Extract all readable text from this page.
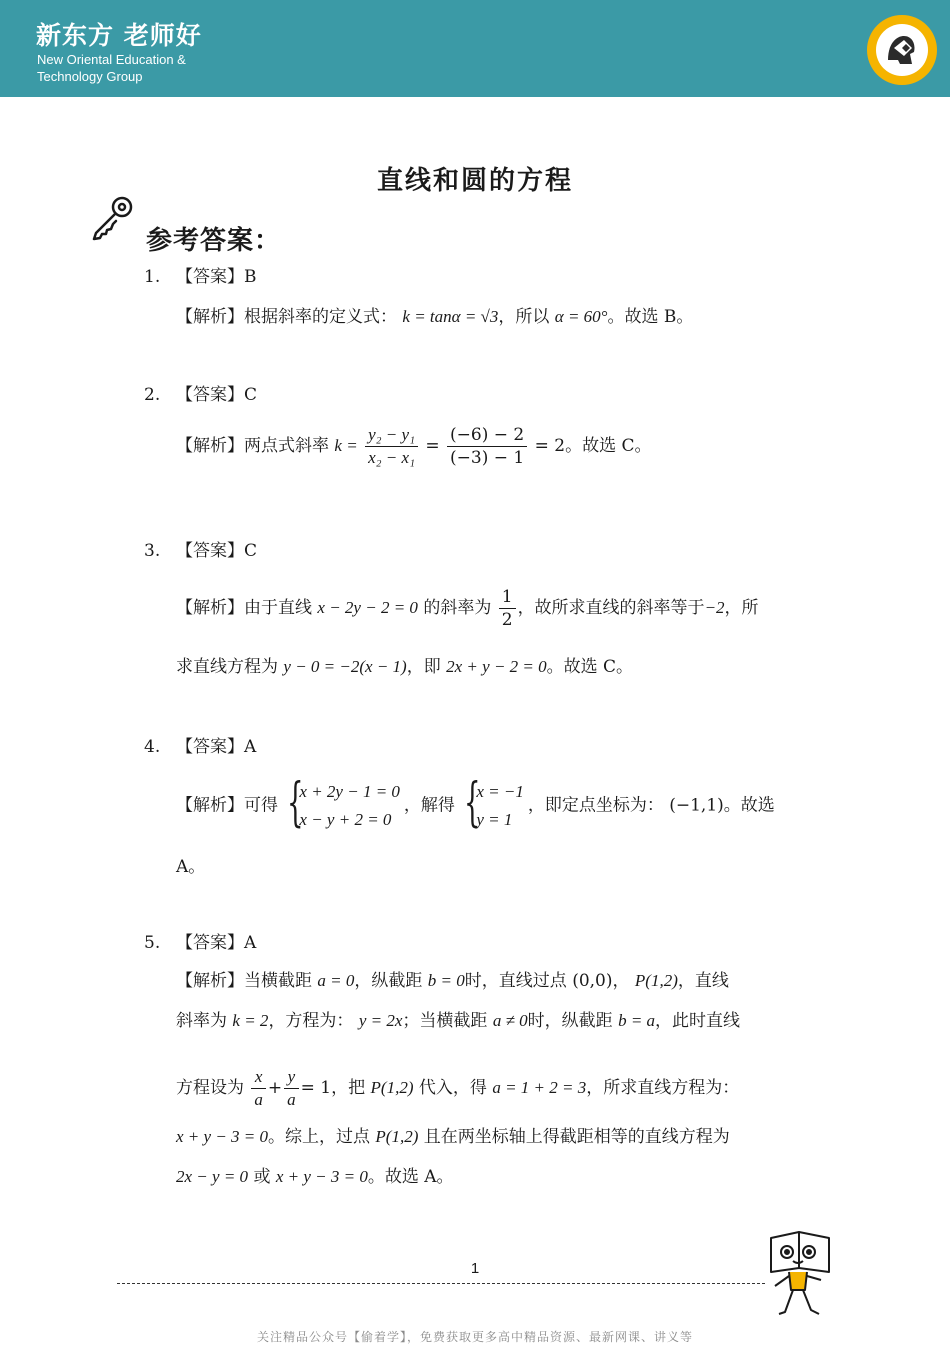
新东方 老师好
New Oriental Education & Technology Group
直线和圆的方程
参考答案：
1. 【答案】B
【解析】根据斜率的定义式： k = tanα = √3，所以 α = 60°。故选 B。
2. 【答案】C
【解析】两点式斜率 $k = \frac{\text{y₂ − y₁}}{\text{x₂ − x₁}} = \frac{(-6) - 2}{(-3) - 1} = 2$。故选 C。
3. 【答案】C
【解析】由于直线 x − 2y − 2 = 0 的斜率为 $\frac{1}{2}$ ，故所求直线的斜率等于−2，所
求直线方程为 y − 0 = −2(x − 1)，即 2x + y − 2 = 0。故选 C。
4. 【答案】A
【解析】可得 {
x + 2y − 1 = 0
x − y + 2 = 0
，解得 {
x = −1
y = 1
，即定点坐标为： (−1,1)。故选
A。
5. 【答案】A
【解析】当横截距 a = 0，纵截距 b = 0时，直线过点 (0,0)， P(1,2)，直线
斜率为 k = 2，方程为： y = 2x；当横截距 a ≠ 0时，纵截距 b = a，此时直线
方程设为 $\frac{x}{a} + \frac{y}{a} = 1$，把 P(1,2) 代入，得 a = 1 + 2 = 3，所求直线方程为：
x + y − 3 = 0。综上，过点 P(1,2) 且在两坐标轴上得截距相等的直线方程为
2x − y = 0 或 x + y − 3 = 0。故选 A。
1
关注精品公众号【偷着学】，免费获取更多高中精品资源、最新网课、讲义等
